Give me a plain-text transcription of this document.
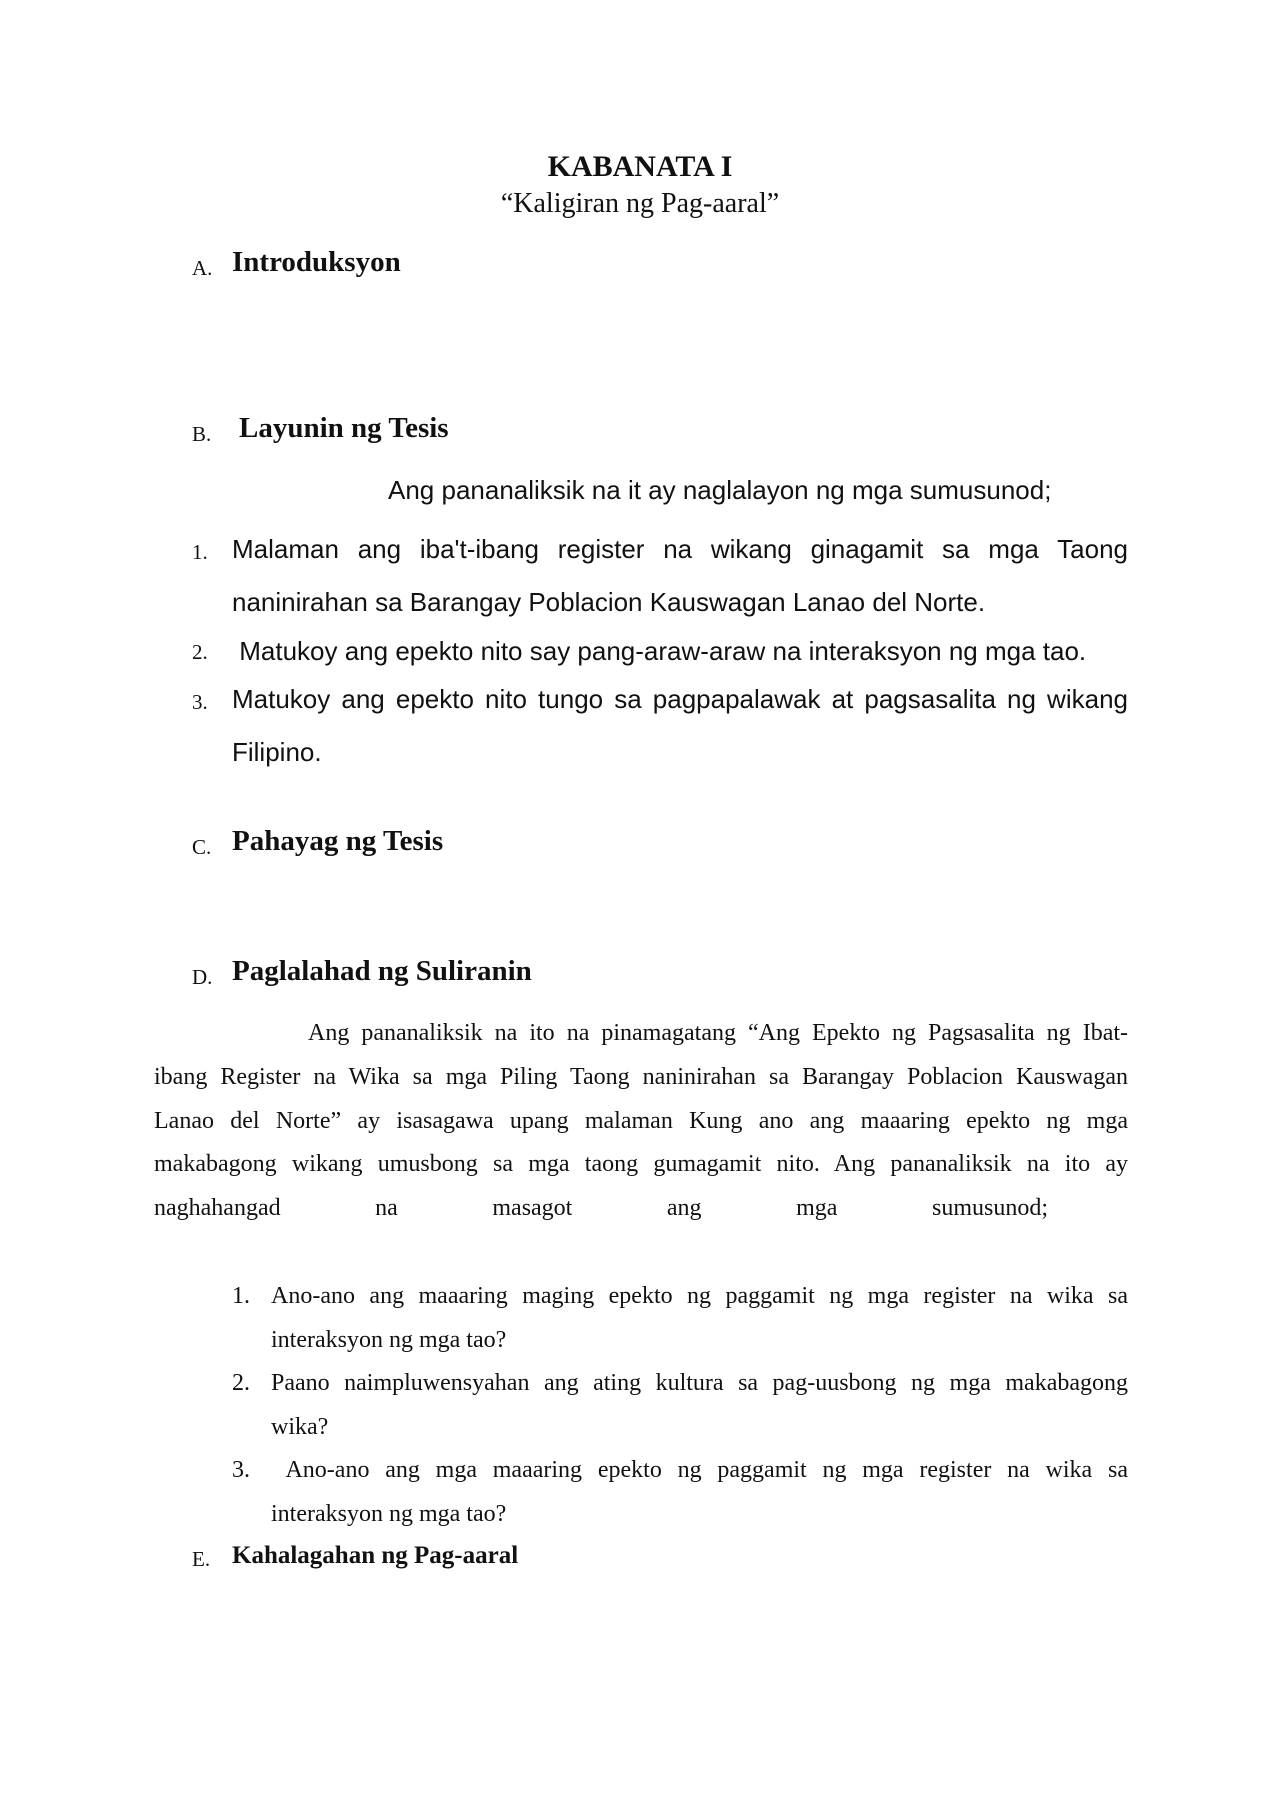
KABANATA I
“Kaligiran ng Pag-aaral”
A. Introduksyon
B. Layunin ng Tesis
Ang pananaliksik na it ay naglalayon ng mga sumusunod;
1. Malaman ang iba't-ibang register na wikang ginagamit sa mga Taong
naninirahan sa Barangay Poblacion Kauswagan Lanao del Norte.
2. Matukoy ang epekto nito say pang-araw-araw na interaksyon ng mga tao.
3. Matukoy ang epekto nito tungo sa pagpapalawak at pagsasalita ng wikang
Filipino.
C. Pahayag ng Tesis
D. Paglalahad ng Suliranin
Ang pananaliksik na ito na pinamagatang “Ang Epekto ng Pagsasalita ng Ibat-
ibang Register na Wika sa mga Piling Taong naninirahan sa Barangay Poblacion Kauswagan
Lanao del Norte” ay isasagawa upang malaman Kung ano ang maaaring epekto ng mga
makabagong wikang umusbong sa mga taong gumagamit nito. Ang pananaliksik na ito ay
naghahangad na masagot ang mga sumusunod;
1. Ano-ano ang maaaring maging epekto ng paggamit ng mga register na wika sa
interaksyon ng mga tao?
2. Paano naimpluwensyahan ang ating kultura sa pag-uusbong ng mga makabagong
wika?
3. Ano-ano ang mga maaaring epekto ng paggamit ng mga register na wika sa
interaksyon ng mga tao?
E. Kahalagahan ng Pag-aaral
